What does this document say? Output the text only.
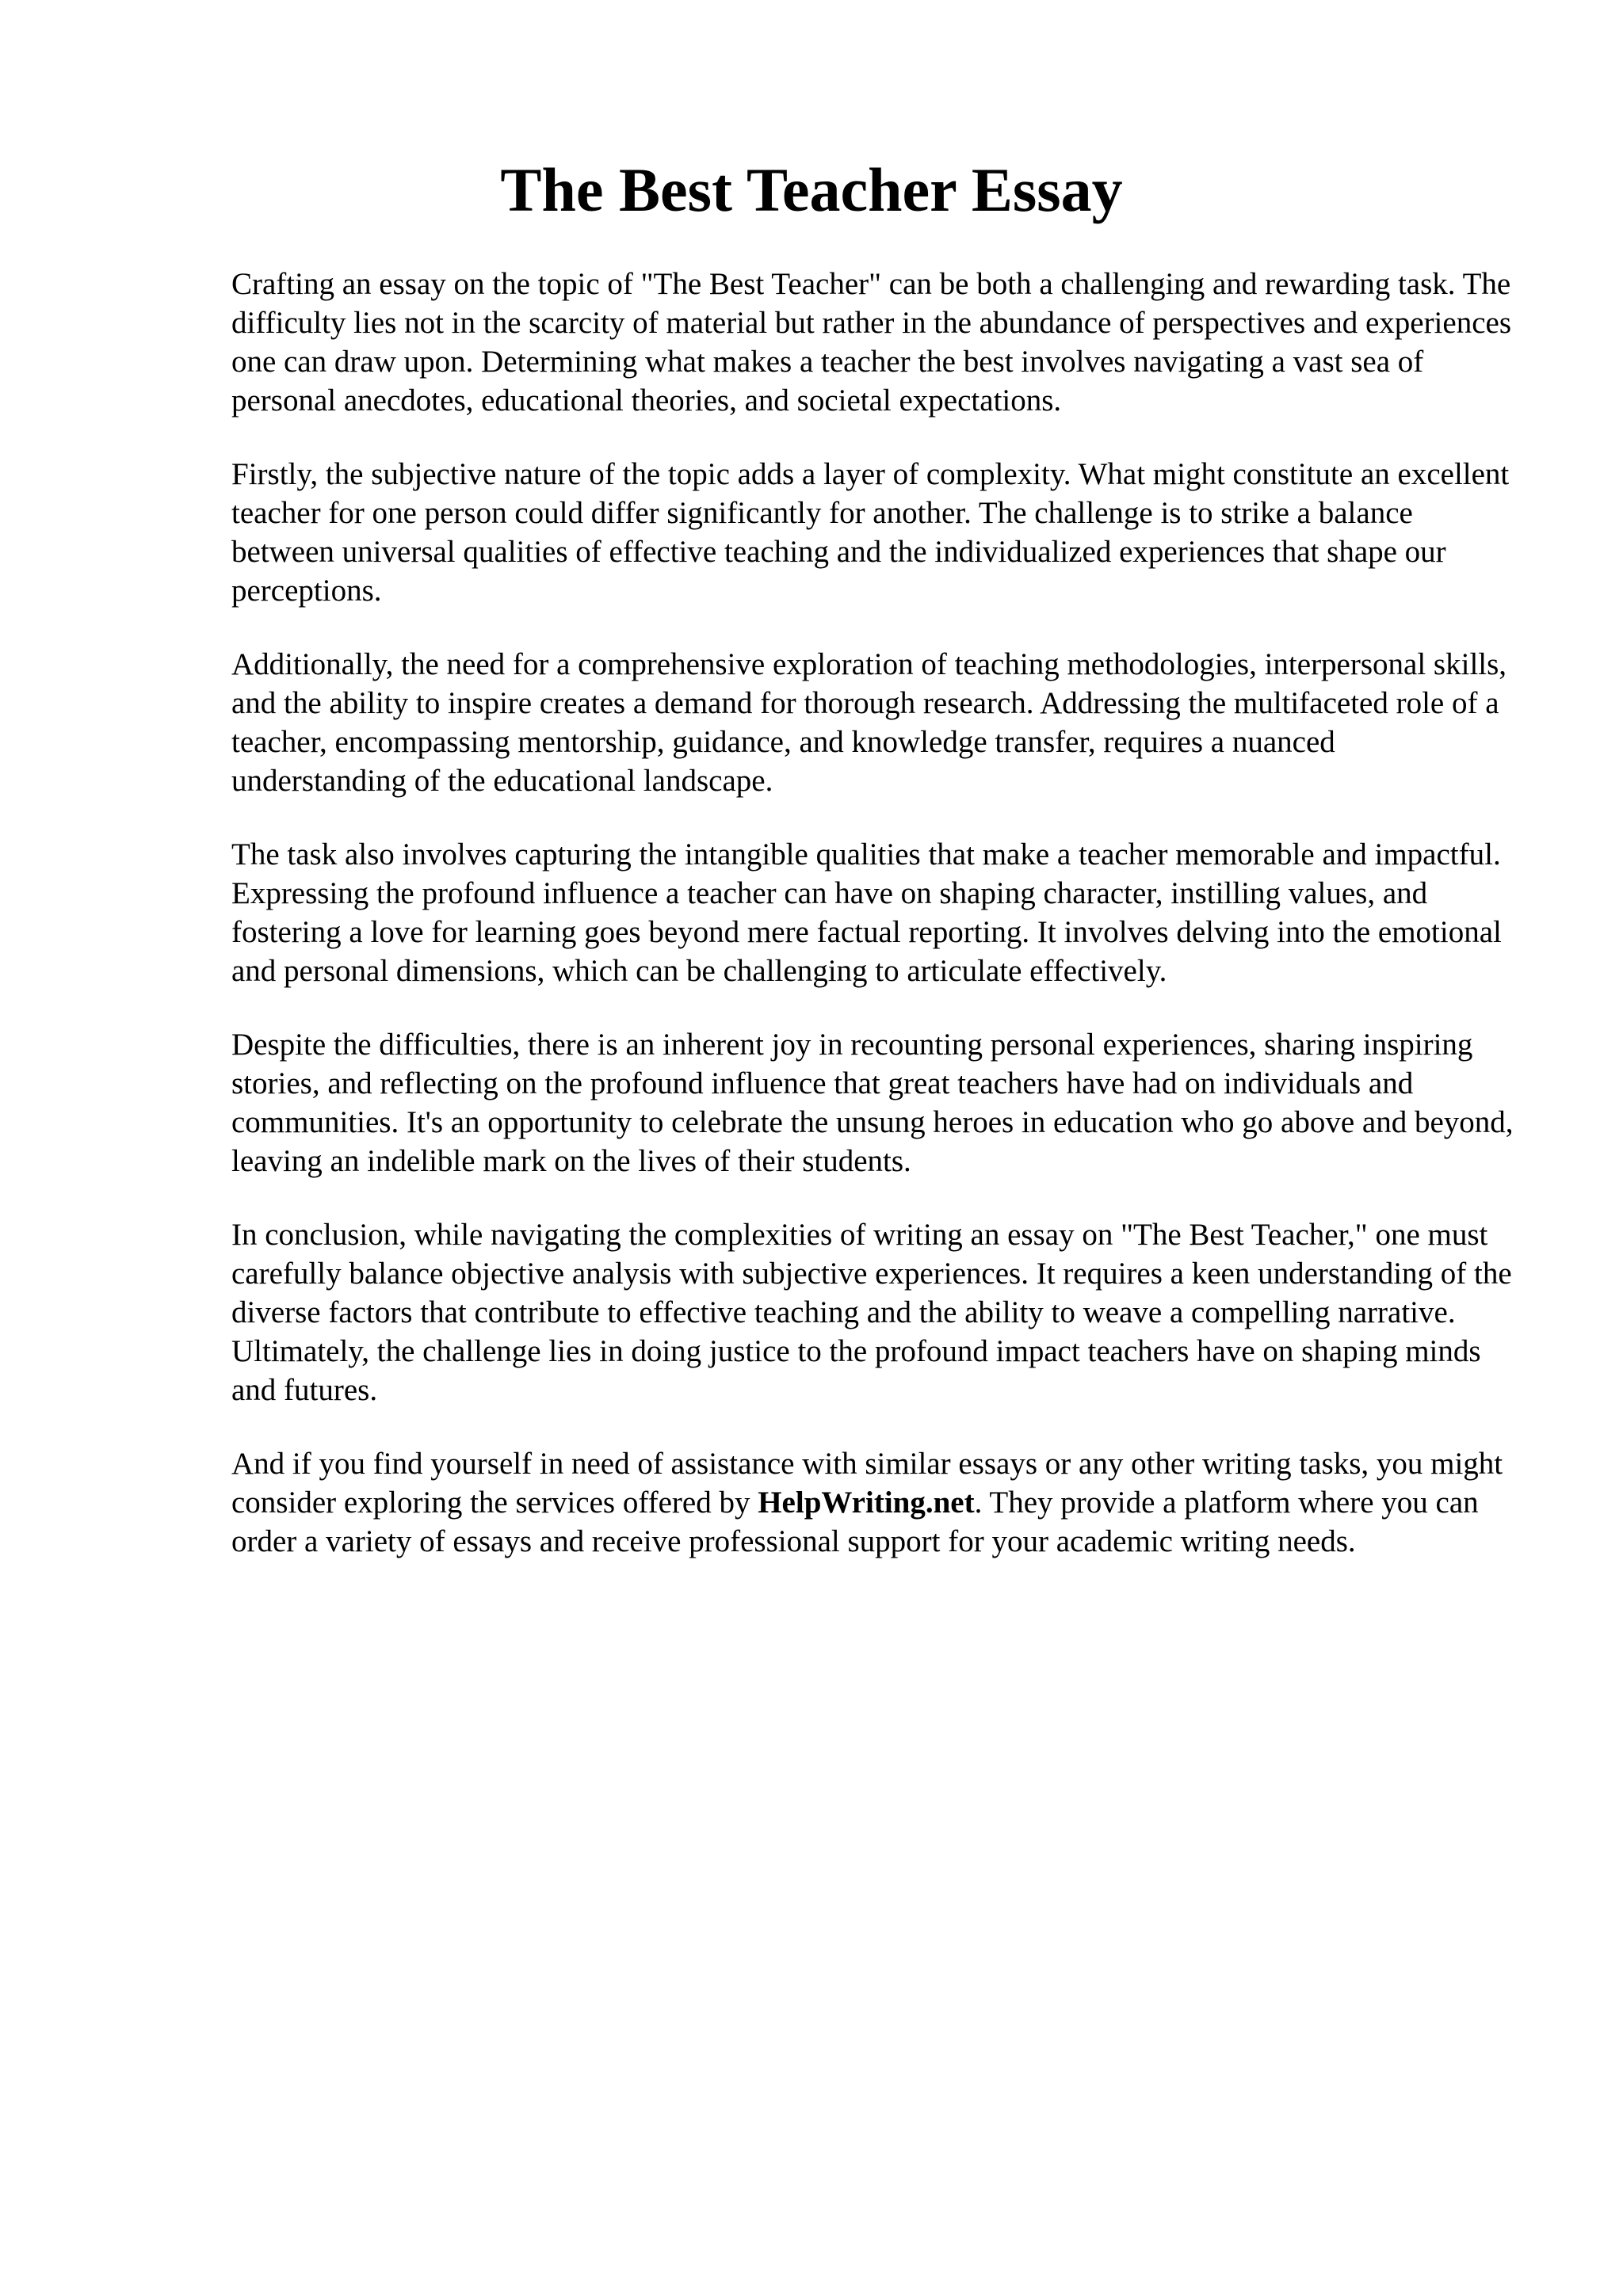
The Best Teacher Essay

Crafting an essay on the topic of "The Best Teacher" can be both a challenging and rewarding task. The difficulty lies not in the scarcity of material but rather in the abundance of perspectives and experiences one can draw upon. Determining what makes a teacher the best involves navigating a vast sea of personal anecdotes, educational theories, and societal expectations.

Firstly, the subjective nature of the topic adds a layer of complexity. What might constitute an excellent teacher for one person could differ significantly for another. The challenge is to strike a balance between universal qualities of effective teaching and the individualized experiences that shape our perceptions.

Additionally, the need for a comprehensive exploration of teaching methodologies, interpersonal skills, and the ability to inspire creates a demand for thorough research. Addressing the multifaceted role of a teacher, encompassing mentorship, guidance, and knowledge transfer, requires a nuanced understanding of the educational landscape.

The task also involves capturing the intangible qualities that make a teacher memorable and impactful. Expressing the profound influence a teacher can have on shaping character, instilling values, and fostering a love for learning goes beyond mere factual reporting. It involves delving into the emotional and personal dimensions, which can be challenging to articulate effectively.

Despite the difficulties, there is an inherent joy in recounting personal experiences, sharing inspiring stories, and reflecting on the profound influence that great teachers have had on individuals and communities. It's an opportunity to celebrate the unsung heroes in education who go above and beyond, leaving an indelible mark on the lives of their students.

In conclusion, while navigating the complexities of writing an essay on "The Best Teacher," one must carefully balance objective analysis with subjective experiences. It requires a keen understanding of the diverse factors that contribute to effective teaching and the ability to weave a compelling narrative. Ultimately, the challenge lies in doing justice to the profound impact teachers have on shaping minds and futures.

And if you find yourself in need of assistance with similar essays or any other writing tasks, you might consider exploring the services offered by HelpWriting.net. They provide a platform where you can order a variety of essays and receive professional support for your academic writing needs.
